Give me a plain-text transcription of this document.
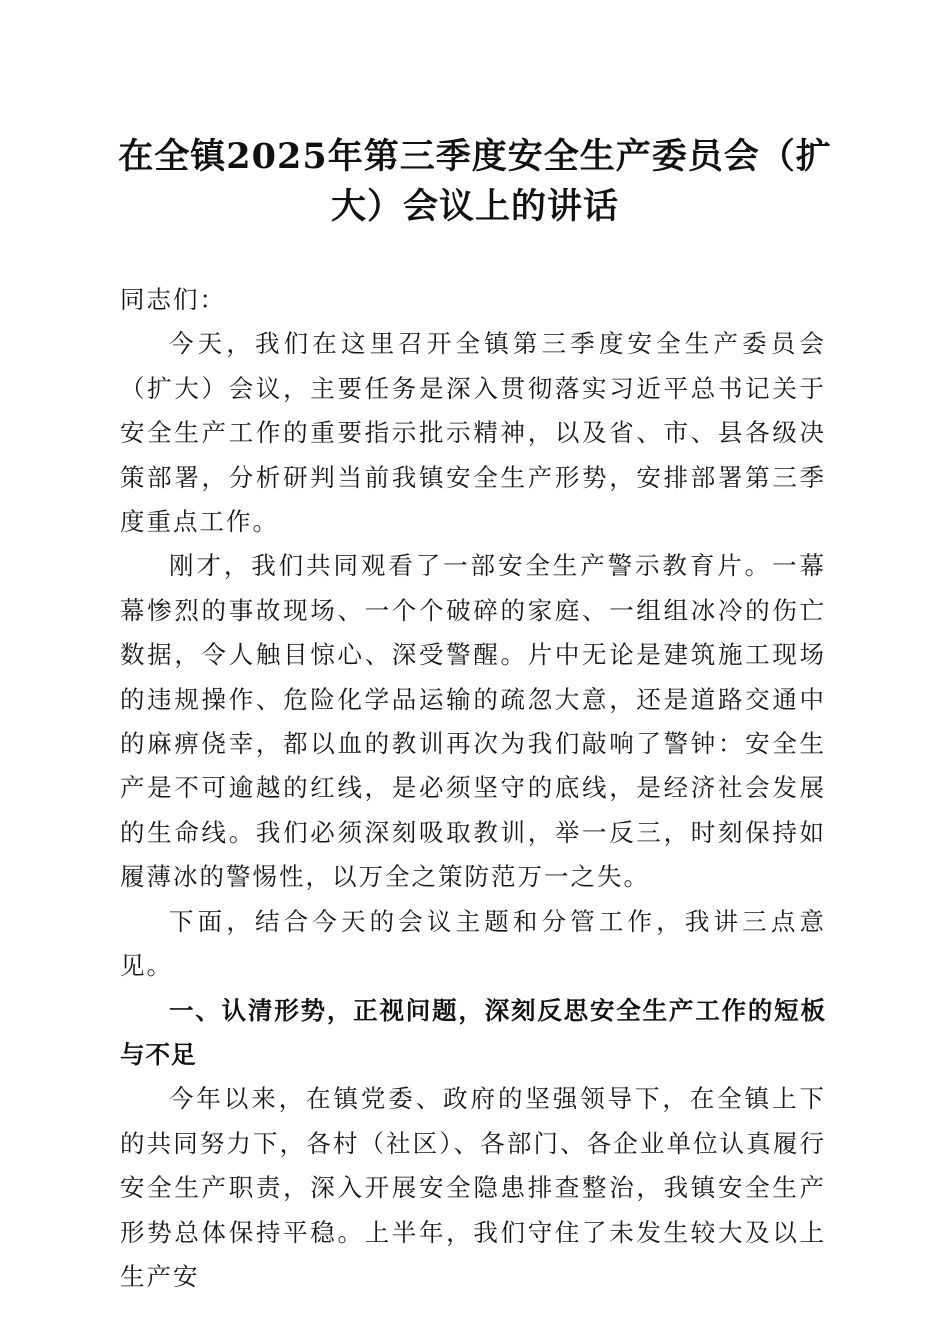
在全镇2025年第三季度安全生产委员会（扩大）会议上的讲话

同志们：

今天，我们在这里召开全镇第三季度安全生产委员会（扩大）会议，主要任务是深入贯彻落实习近平总书记关于安全生产工作的重要指示批示精神，以及省、市、县各级决策部署，分析研判当前我镇安全生产形势，安排部署第三季度重点工作。

刚才，我们共同观看了一部安全生产警示教育片。一幕幕惨烈的事故现场、一个个破碎的家庭、一组组冰冷的伤亡数据，令人触目惊心、深受警醒。片中无论是建筑施工现场的违规操作、危险化学品运输的疏忽大意，还是道路交通中的麻痹侥幸，都以血的教训再次为我们敲响了警钟：安全生产是不可逾越的红线，是必须坚守的底线，是经济社会发展的生命线。我们必须深刻吸取教训，举一反三，时刻保持如履薄冰的警惕性，以万全之策防范万一之失。

下面，结合今天的会议主题和分管工作，我讲三点意见。

一、认清形势，正视问题，深刻反思安全生产工作的短板与不足

今年以来，在镇党委、政府的坚强领导下，在全镇上下的共同努力下，各村（社区）、各部门、各企业单位认真履行安全生产职责，深入开展安全隐患排查整治，我镇安全生产形势总体保持平稳。上半年，我们守住了未发生较大及以上生产安
